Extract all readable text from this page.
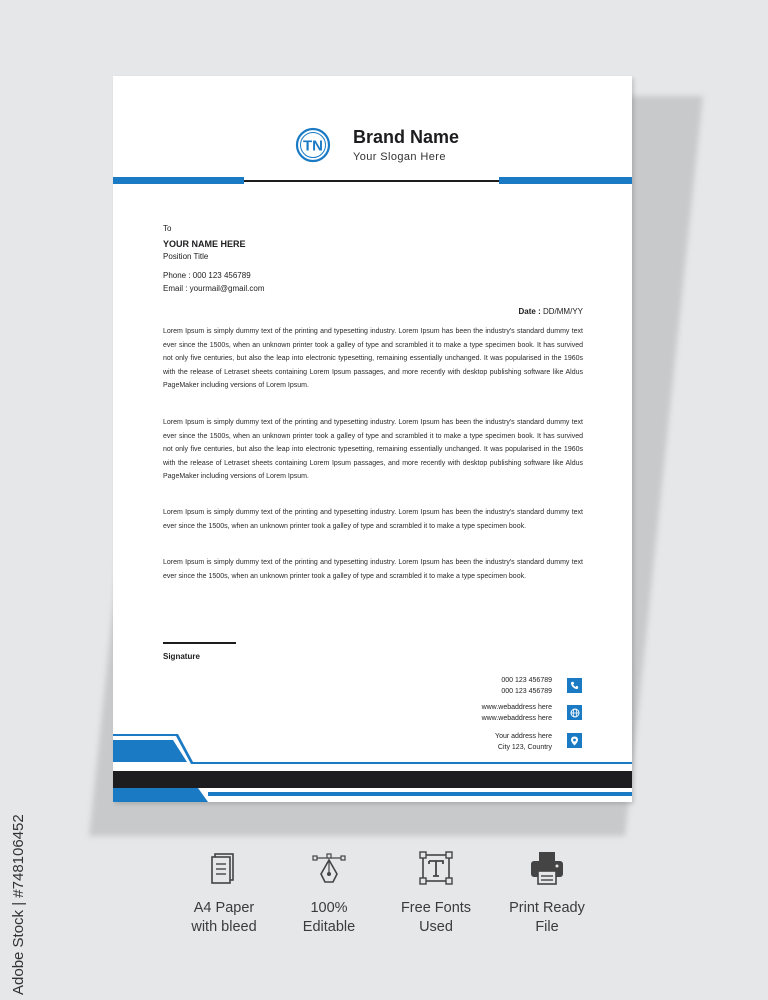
TN Brand Name
Your Slogan Here
To
YOUR NAME HERE
Position Title
Phone : 000 123 456789
Email : yourmail@gmail.com
Date : DD/MM/YY

Lorem Ipsum is simply dummy text of the printing and typesetting industry. Lorem Ipsum has been the industry's standard dummy text ever since the 1500s, when an unknown printer took a galley of type and scrambled it to make a type specimen book. It has survived not only five centuries, but also the leap into electronic typesetting, remaining essentially unchanged. It was popularised in the 1960s with the release of Letraset sheets containing Lorem Ipsum passages, and more recently with desktop publishing software like Aldus PageMaker including versions of Lorem Ipsum.

Lorem Ipsum is simply dummy text of the printing and typesetting industry. Lorem Ipsum has been the industry's standard dummy text ever since the 1500s, when an unknown printer took a galley of type and scrambled it to make a type specimen book. It has survived not only five centuries, but also the leap into electronic typesetting, remaining essentially unchanged. It was popularised in the 1960s with the release of Letraset sheets containing Lorem Ipsum passages, and more recently with desktop publishing software like Aldus PageMaker including versions of Lorem Ipsum.

Lorem Ipsum is simply dummy text of the printing and typesetting industry. Lorem Ipsum has been the industry's standard dummy text ever since the 1500s, when an unknown printer took a galley of type and scrambled it to make a type specimen book.

Lorem Ipsum is simply dummy text of the printing and typesetting industry. Lorem Ipsum has been the industry's standard dummy text ever since the 1500s, when an unknown printer took a galley of type and scrambled it to make a type specimen book.

Signature
000 123 456789
000 123 456789
www.webaddress here
www.webaddress here
Your address here
City 123, Country
A4 Paper
with bleed
100%
Editable
Free Fonts
Used
Print Ready
File
Adobe Stock | #748106452
